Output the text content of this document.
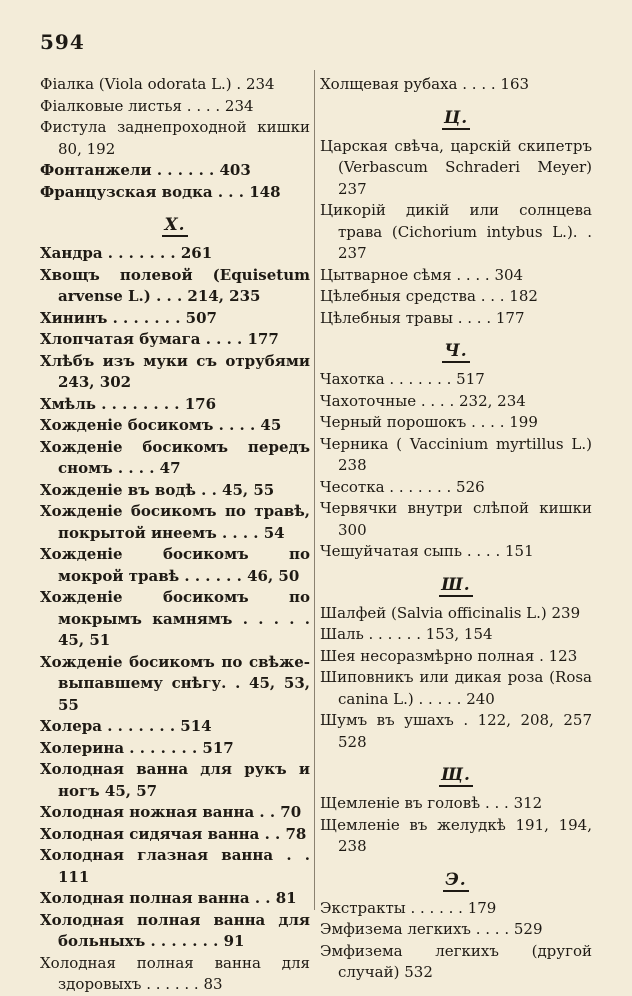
594
Фіалка (Viola odorata L.) . 234
Фіалковые листья . . . . 234
Фистула заднепроходной кишки 80, 192
Фонтанжели . . . . . . 403
Французская водка . . . 148
X.
Хандра . . . . . . . 261
Хвощъ полевой (Equisetum arvense L.) . . . 214, 235
Хининъ . . . . . . . 507
Хлопчатая бумага . . . . 177
Хлѣбъ изъ муки съ отрубями 243, 302
Хмѣль . . . . . . . . 176
Хожденіе босикомъ . . . . 45
Хожденіе босикомъ передъ сномъ . . . . 47
Хожденіе въ водѣ . . 45, 55
Хожденіе босикомъ по травѣ, покрытой инеемъ . . . . 54
Хожденіе босикомъ по мокрой травѣ . . . . . . 46, 50
Хожденіе босикомъ по мокрымъ камнямъ . . . . . 45, 51
Хожденіе босикомъ по свѣже-выпавшему снѣгу. . 45, 53, 55
Холера . . . . . . . 514
Холерина . . . . . . . 517
Холодная ванна для рукъ и ногъ 45, 57
Холодная ножная ванна . . 70
Холодная сидячая ванна . . 78
Холодная глазная ванна . . 111
Холодная полная ванна . . 81
Холодная полная ванна для больныхъ . . . . . . . 91
Холодная полная ванна для здоровыхъ . . . . . . 83
Холщевая рубаха . . . . 163
Ц.
Царская свѣча, царскій скипетръ (Verbascum Schraderi Meyer) 237
Цикорій дикій или солнцева трава (Cichorium intybus L.). . 237
Цытварное сѣмя . . . . 304
Цѣлебныя средства . . . 182
Цѣлебныя травы . . . . 177
Ч.
Чахотка . . . . . . . 517
Чахоточные . . . . 232, 234
Черный порошокъ . . . . 199
Черника ( Vaccinium myrtillus L.) 238
Чесотка . . . . . . . 526
Червячки внутри слѣпой кишки 300
Чешуйчатая сыпь . . . . 151
Ш.
Шалфей (Salvia officinalis L.) 239
Шаль . . . . . . 153, 154
Шея несоразмѣрно полная . 123
Шиповникъ или дикая роза (Rosa canina L.) . . . . . 240
Шумъ въ ушахъ . 122, 208, 257 528
Щ.
Щемленіе въ головѣ . . . 312
Щемленіе въ желудкѣ 191, 194, 238
Э.
Экстракты . . . . . . 179
Эмфизема легкихъ . . . . 529
Эмфизема легкихъ (другой случай) 532
